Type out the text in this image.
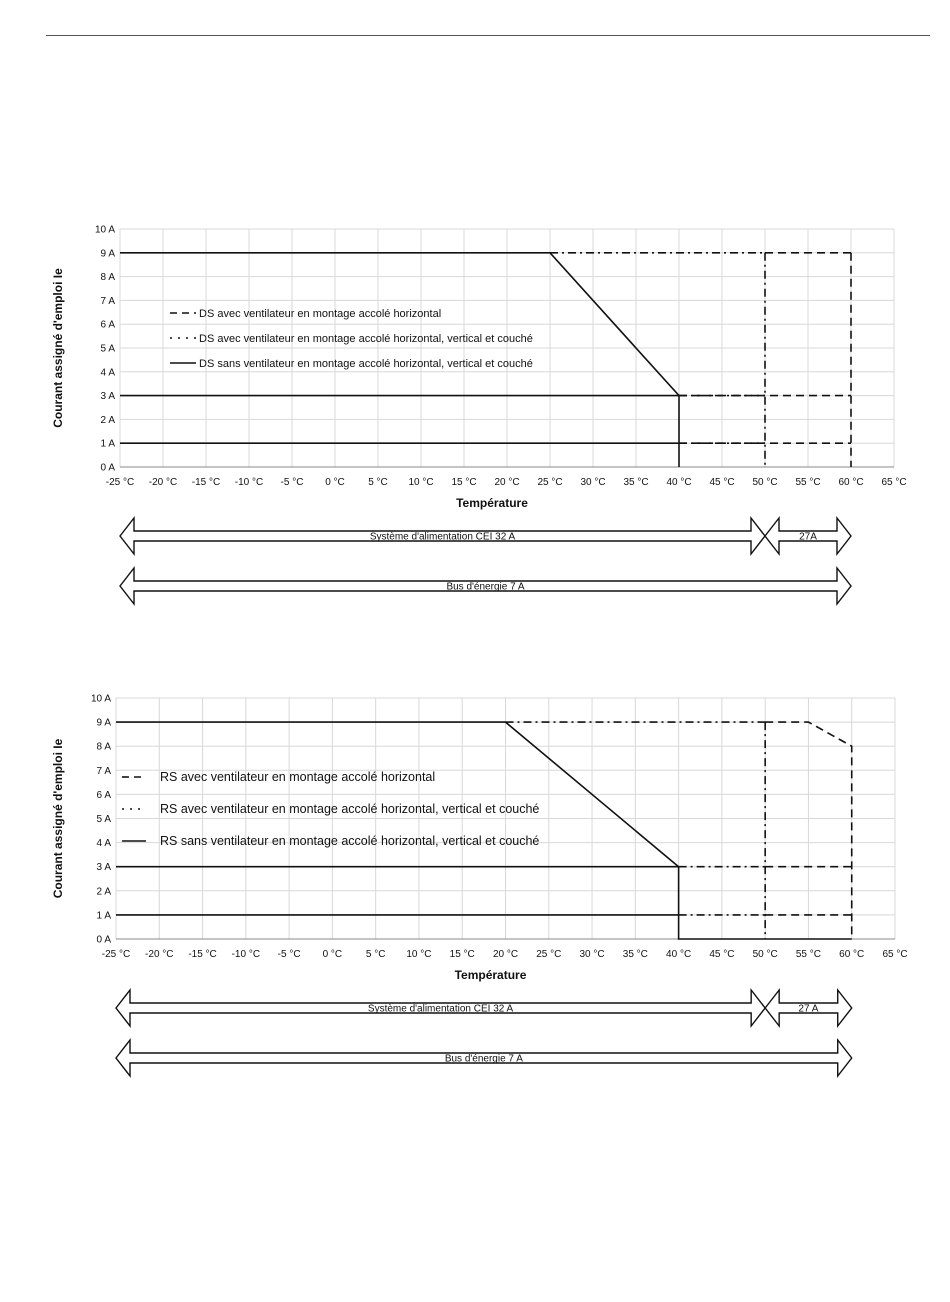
0 A
1 A
2 A
3 A
4 A
5 A
6 A
7 A
8 A
9 A
10 A
-25 °C -20 °C -15 °C -10 °C -5 °C 0 °C 5 °C 10 °C 15 °C 20 °C 25 °C 30 °C 35 °C 40 °C 45 °C 50 °C 55 °C 60 °C 65 °C
Température
Courant assigné d'emploi Ie	DS avec ventilateur en montage accolé horizontal
DS avec ventilateur en montage accolé horizontal, vertical et couché
DS sans ventilateur en montage accolé horizontal, vertical et couché
Système d'alimentation CEI 32 A	27A
Bus d'énergie 7 A
0 A
1 A
2 A
3 A
4 A
5 A
6 A
7 A
8 A
9 A
10 A
-25 °C -20 °C -15 °C -10 °C -5 °C 0 °C 5 °C 10 °C 15 °C 20 °C 25 °C 30 °C 35 °C 40 °C 45 °C 50 °C 55 °C 60 °C 65 °C
Température
Courant assigné d'emploi Ie	RS avec ventilateur en montage accolé horizontal
RS avec ventilateur en montage accolé horizontal, vertical et couché
RS sans ventilateur en montage accolé horizontal, vertical et couché
Système d'alimentation CEI 32 A	27 A
Bus d'énergie 7 A
